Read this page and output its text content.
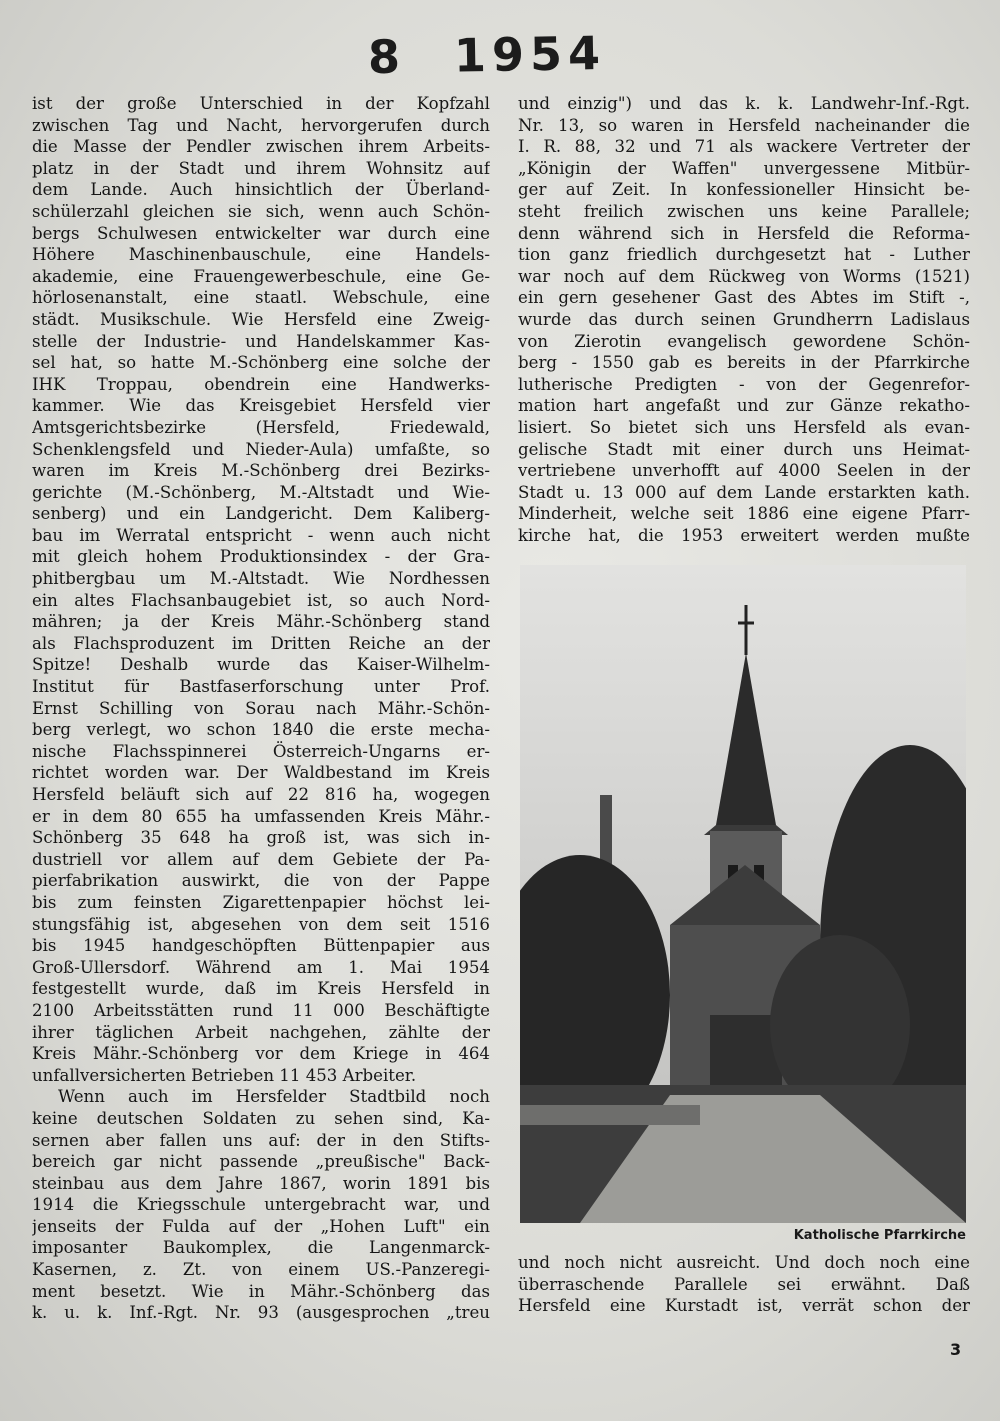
8 1954
ist der große Unterschied in der Kopfzahl
zwischen Tag und Nacht, hervorgerufen durch
die Masse der Pendler zwischen ihrem Arbeits-
platz in der Stadt und ihrem Wohnsitz auf
dem Lande. Auch hinsichtlich der Überland-
schülerzahl gleichen sie sich, wenn auch Schön-
bergs Schulwesen entwickelter war durch eine
Höhere Maschinenbauschule, eine Handels-
akademie, eine Frauengewerbeschule, eine Ge-
hörlosenanstalt, eine staatl. Webschule, eine
städt. Musikschule. Wie Hersfeld eine Zweig-
stelle der Industrie- und Handelskammer Kas-
sel hat, so hatte M.-Schönberg eine solche der
IHK Troppau, obendrein eine Handwerks-
kammer. Wie das Kreisgebiet Hersfeld vier
Amtsgerichtsbezirke (Hersfeld, Friedewald,
Schenklengsfeld und Nieder-Aula) umfaßte, so
waren im Kreis M.-Schönberg drei Bezirks-
gerichte (M.-Schönberg, M.-Altstadt und Wie-
senberg) und ein Landgericht. Dem Kaliberg-
bau im Werratal entspricht - wenn auch nicht
mit gleich hohem Produktionsindex - der Gra-
phitbergbau um M.-Altstadt. Wie Nordhessen
ein altes Flachsanbaugebiet ist, so auch Nord-
mähren; ja der Kreis Mähr.-Schönberg stand
als Flachsproduzent im Dritten Reiche an der
Spitze! Deshalb wurde das Kaiser-Wilhelm-
Institut für Bastfaserforschung unter Prof.
Ernst Schilling von Sorau nach Mähr.-Schön-
berg verlegt, wo schon 1840 die erste mecha-
nische Flachsspinnerei Österreich-Ungarns er-
richtet worden war. Der Waldbestand im Kreis
Hersfeld beläuft sich auf 22 816 ha, wogegen
er in dem 80 655 ha umfassenden Kreis Mähr.-
Schönberg 35 648 ha groß ist, was sich in-
dustriell vor allem auf dem Gebiete der Pa-
pierfabrikation auswirkt, die von der Pappe
bis zum feinsten Zigarettenpapier höchst lei-
stungsfähig ist, abgesehen von dem seit 1516
bis 1945 handgeschöpften Büttenpapier aus
Groß-Ullersdorf. Während am 1. Mai 1954
festgestellt wurde, daß im Kreis Hersfeld in
2100 Arbeitsstätten rund 11 000 Beschäftigte
ihrer täglichen Arbeit nachgehen, zählte der
Kreis Mähr.-Schönberg vor dem Kriege in 464
unfallversicherten Betrieben 11 453 Arbeiter.
Wenn auch im Hersfelder Stadtbild noch
keine deutschen Soldaten zu sehen sind, Ka-
sernen aber fallen uns auf: der in den Stifts-
bereich gar nicht passende „preußische" Back-
steinbau aus dem Jahre 1867, worin 1891 bis
1914 die Kriegsschule untergebracht war, und
jenseits der Fulda auf der „Hohen Luft" ein
imposanter Baukomplex, die Langenmarck-
Kasernen, z. Zt. von einem US.-Panzeregi-
ment besetzt. Wie in Mähr.-Schönberg das
k. u. k. Inf.-Rgt. Nr. 93 (ausgesprochen „treu
und einzig") und das k. k. Landwehr-Inf.-Rgt.
Nr. 13, so waren in Hersfeld nacheinander die
I. R. 88, 32 und 71 als wackere Vertreter der
„Königin der Waffen" unvergessene Mitbür-
ger auf Zeit. In konfessioneller Hinsicht be-
steht freilich zwischen uns keine Parallele;
denn während sich in Hersfeld die Reforma-
tion ganz friedlich durchgesetzt hat - Luther
war noch auf dem Rückweg von Worms (1521)
ein gern gesehener Gast des Abtes im Stift -,
wurde das durch seinen Grundherrn Ladislaus
von Zierotin evangelisch gewordene Schön-
berg - 1550 gab es bereits in der Pfarrkirche
lutherische Predigten - von der Gegenrefor-
mation hart angefaßt und zur Gänze rekatho-
lisiert. So bietet sich uns Hersfeld als evan-
gelische Stadt mit einer durch uns Heimat-
vertriebene unverhofft auf 4000 Seelen in der
Stadt u. 13 000 auf dem Lande erstarkten kath.
Minderheit, welche seit 1886 eine eigene Pfarr-
kirche hat, die 1953 erweitert werden mußte
Katholische Pfarrkirche
und noch nicht ausreicht. Und doch noch eine
überraschende Parallele sei erwähnt. Daß
Hersfeld eine Kurstadt ist, verrät schon der
3
